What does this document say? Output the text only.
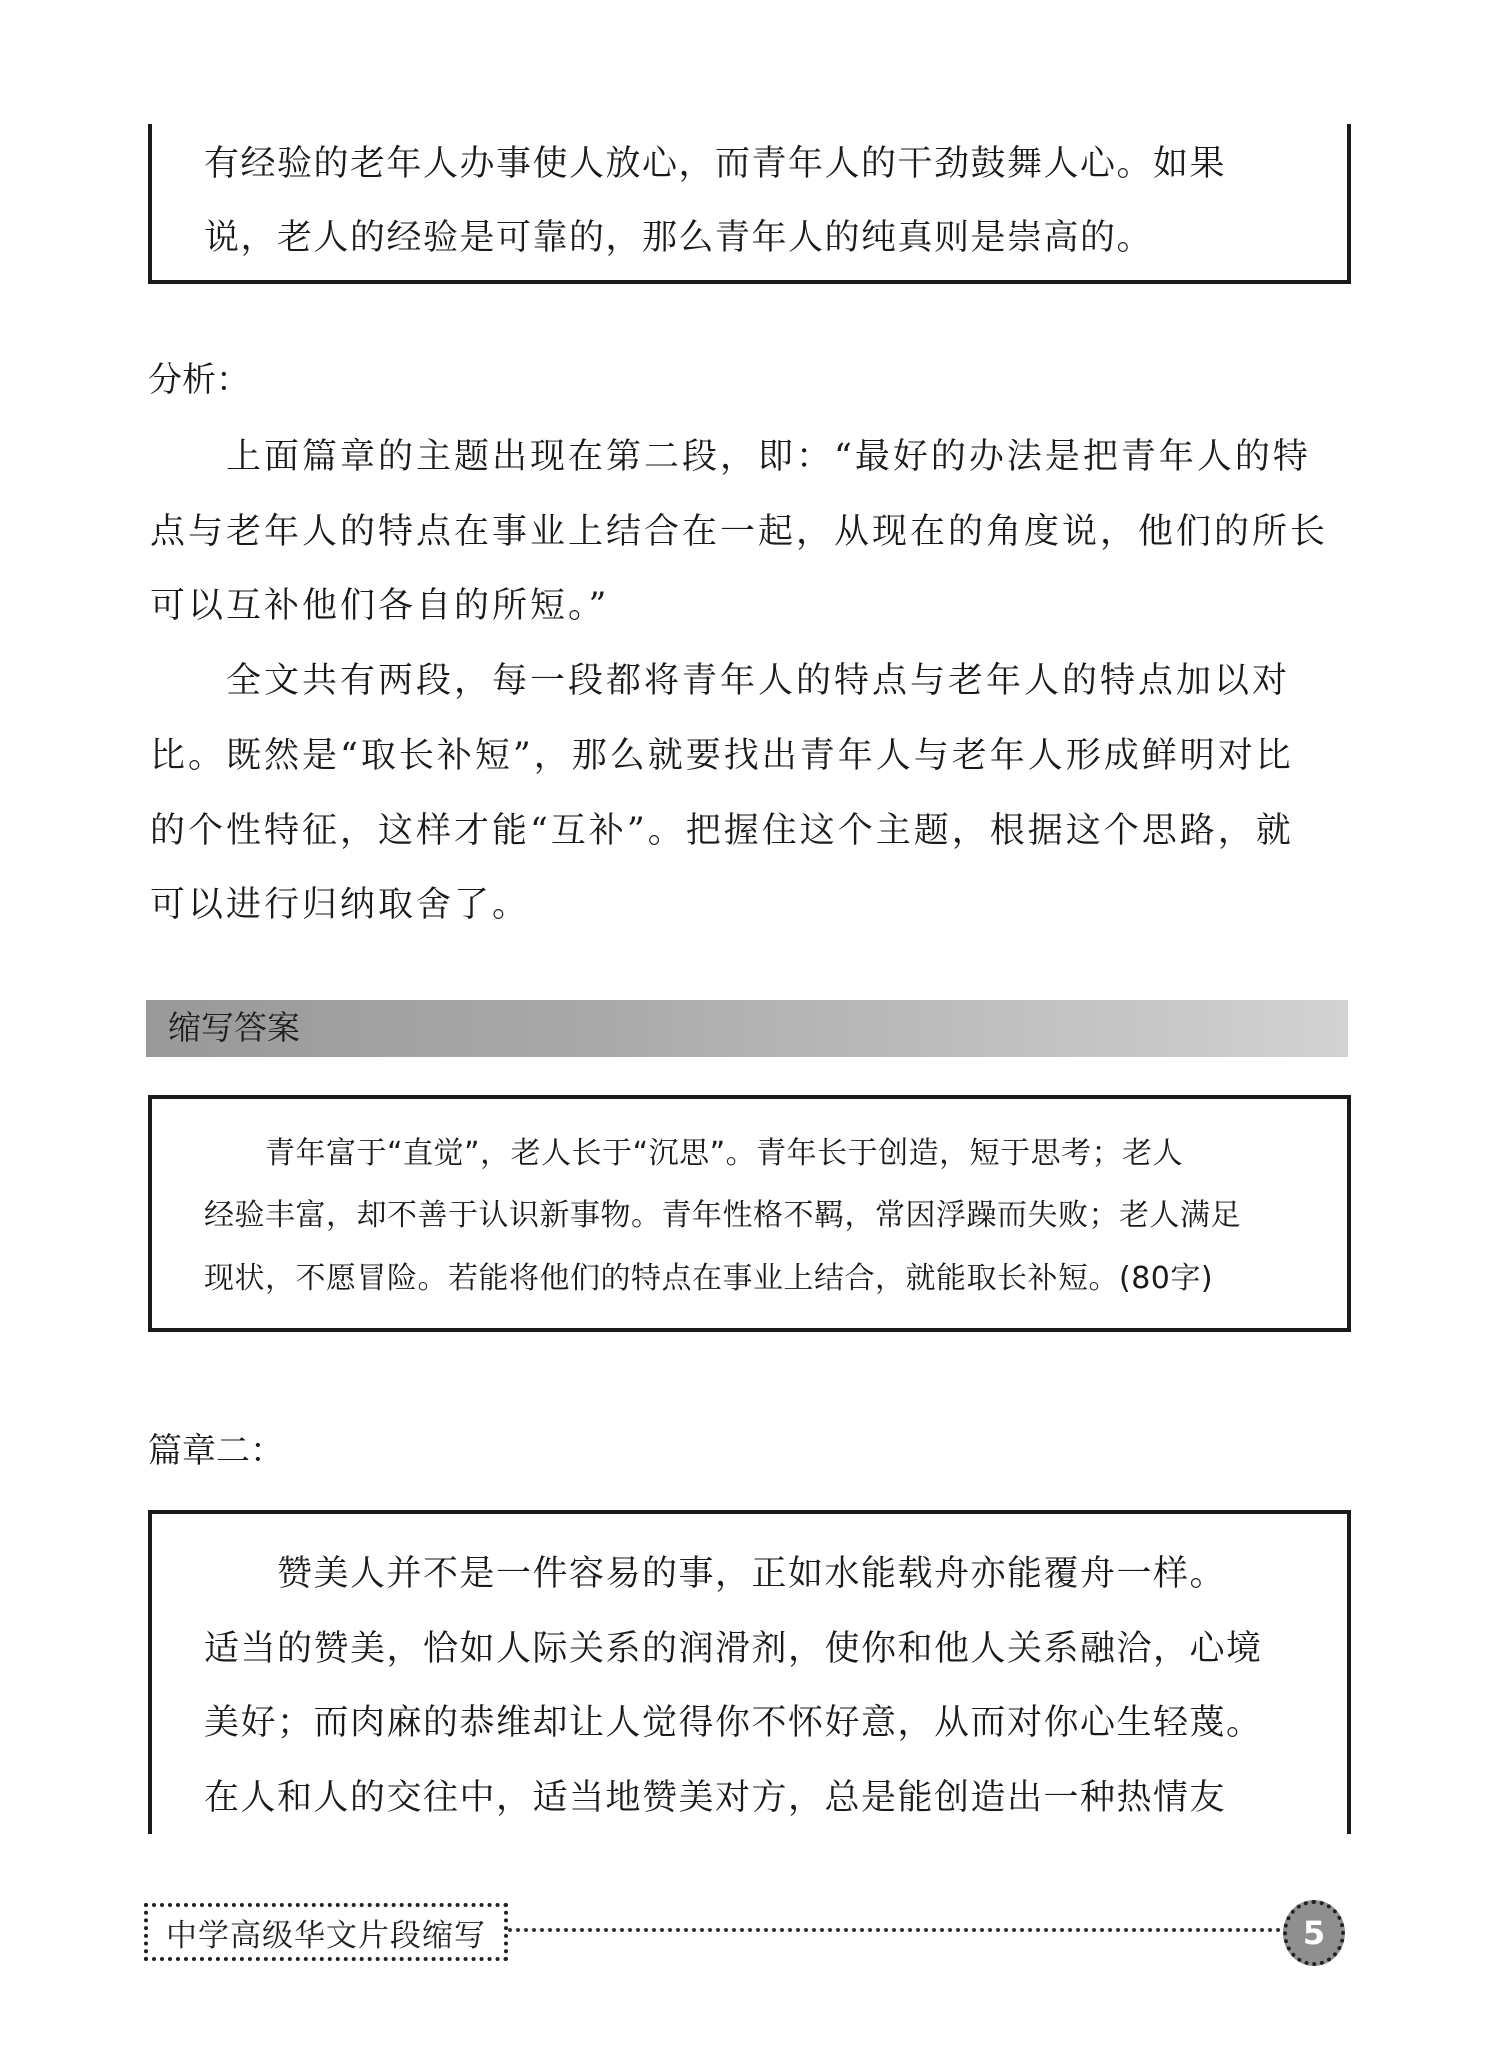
有经验的老年人办事使人放心，而青年人的干劲鼓舞人心。如果
说，老人的经验是可靠的，那么青年人的纯真则是崇高的。
分析：
　　上面篇章的主题出现在第二段，即：“最好的办法是把青年人的特
点与老年人的特点在事业上结合在一起，从现在的角度说，他们的所长
可以互补他们各自的所短。”
　　全文共有两段，每一段都将青年人的特点与老年人的特点加以对
比。既然是“取长补短”，那么就要找出青年人与老年人形成鲜明对比
的个性特征，这样才能“互补”。把握住这个主题，根据这个思路，就
可以进行归纳取舍了。
缩写答案
　　青年富于“直觉”，老人长于“沉思”。青年长于创造，短于思考；老人
经验丰富，却不善于认识新事物。青年性格不羁，常因浮躁而失败；老人满足
现状，不愿冒险。若能将他们的特点在事业上结合，就能取长补短。(80字)
篇章二：
　　赞美人并不是一件容易的事，正如水能载舟亦能覆舟一样。
适当的赞美，恰如人际关系的润滑剂，使你和他人关系融洽，心境
美好；而肉麻的恭维却让人觉得你不怀好意，从而对你心生轻蔑。
在人和人的交往中，适当地赞美对方，总是能创造出一种热情友
中学高级华文片段缩写	5
